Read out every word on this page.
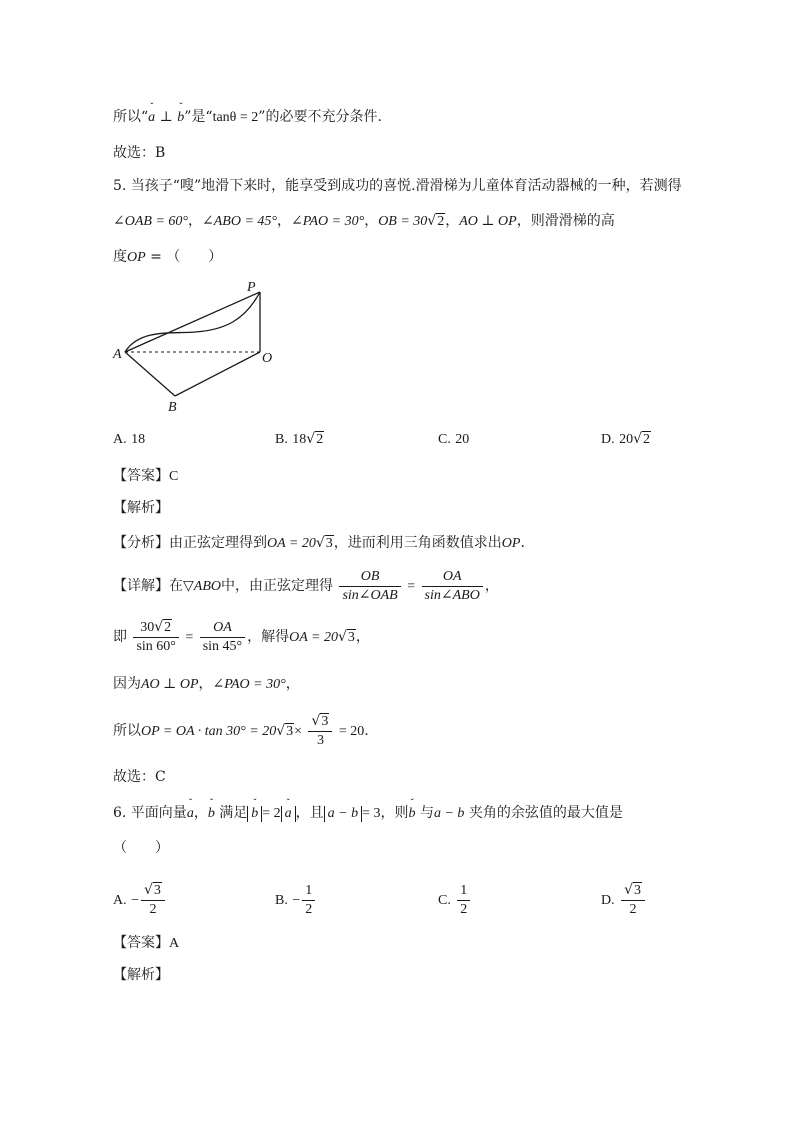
所以“ˇ a ⊥ ˇ b”是“tanθ = 2”的必要不充分条件.
故选：B
5. 当孩子“嗖”地滑下来时，能享受到成功的喜悦.滑滑梯为儿童体育活动器械的一种，若测得
∠OAB = 60°，∠ABO = 45°，∠PAO = 30°，OB = 30√2，AO ⊥ OP，则滑滑梯的高
度OP = （　　）
P
A	O
B
A. 18	B. 18√2	C. 20	D. 20√2
【答案】C
【解析】
【分析】由正弦定理得到OA = 20√3，进而利用三角函数值求出OP.
【详解】在▽ABO中，由正弦定理得 $\frac{OB}{\text{sin∠OAB}} = \frac{OA}{\text{sin∠ABO}}$ ，
即 $\frac{30√2}{\sin 60^\circ} = \frac{OA}{\sin 45^\circ}$ ，解得OA = 20√3，
因为AO ⊥ OP，∠PAO = 30°，
所以OP = OA · $\tan 30^\circ = 20√3\times \frac{√3}{3} = 20$.
故选：C
6. 平面向量ˇ a，ˇ b 满足 ˇ b = 2 ˇ a ，且 a − b = 3，则ˇ b 与a − b 夹角的余弦值的最大值是
（　　）
A. − $\frac{√3}{2}$	B. − $\frac{1}{2}$	C. $\frac{1}{2}$	D. $\frac{√3}{2}$
【答案】A
【解析】
